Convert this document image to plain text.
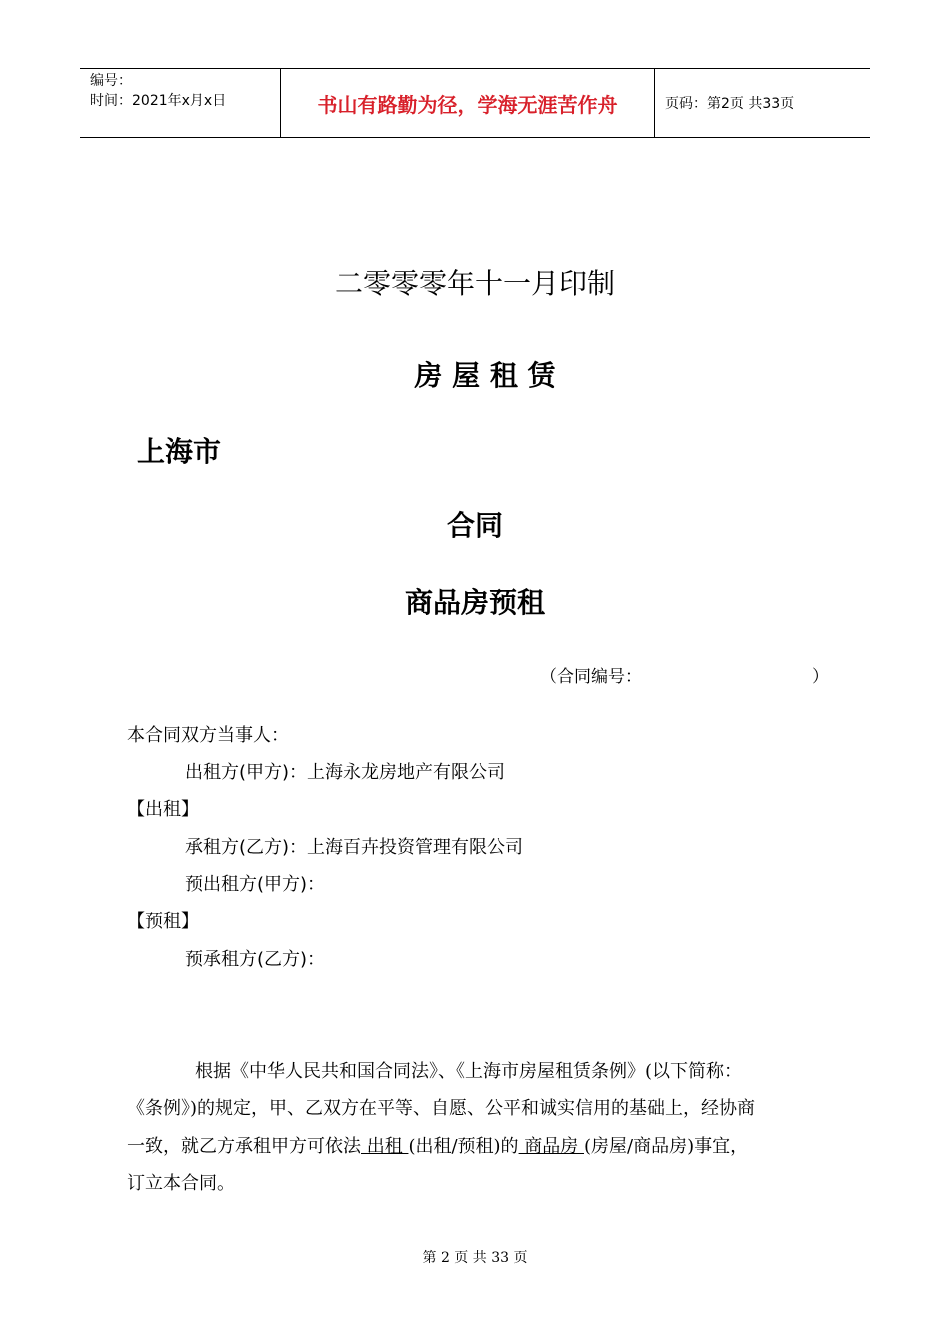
编号：
时间：2021年x月x日	书山有路勤为径，学海无涯苦作舟	页码：第2页 共33页
二零零零年十一月印制
房 屋 租 赁
上海市
合同
商品房预租
（合同编号：	）
本合同双方当事人：
出租方(甲方)：上海永龙房地产有限公司
【出租】
承租方(乙方)：上海百卉投资管理有限公司
预出租方(甲方)：
【预租】
预承租方(乙方)：
根据《中华人民共和国合同法》、《上海市房屋租赁条例》(以下简称：
《条例》)的规定，甲、乙双方在平等、自愿、公平和诚实信用的基础上，经协商
一致，就乙方承租甲方可依法 出租 (出租/预租)的 商品房 (房屋/商品房)事宜，
订立本合同。
第 2 页 共 33 页
